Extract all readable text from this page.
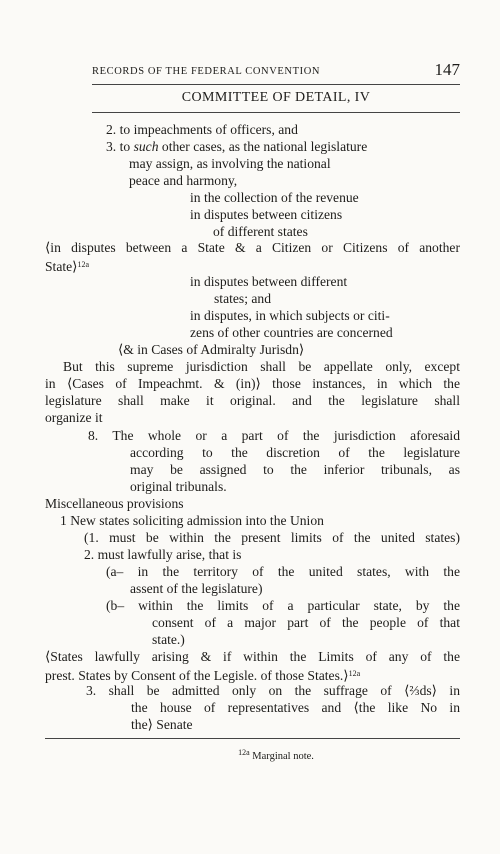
RECORDS OF THE FEDERAL CONVENTION	147
COMMITTEE OF DETAIL, IV
2. to impeachments of officers, and
3. to such other cases, as the national legislature
may assign, as involving the national
peace and harmony,
in the collection of the revenue
in disputes between citizens
of different states
⟨in disputes between a State & a Citizen or Citizens of another
State⟩$^{12a}$
in disputes between different
states; and
in disputes, in which subjects or citi-
zens of other countries are concerned
⟨& in Cases of Admiralty Jurisdn⟩
But this supreme jurisdiction shall be appellate only, except
in ⟨Cases of Impeachmt. & (in)⟩ those instances, in which the
legislature shall make it original. and the legislature shall
organize it
8. The whole or a part of the jurisdiction aforesaid
according to the discretion of the legislature
may be assigned to the inferior tribunals, as
original tribunals.
Miscellaneous provisions
1 New states soliciting admission into the Union
(1. must be within the present limits of the united states)
2. must lawfully arise, that is
(a– in the territory of the united states, with the
assent of the legislature)
(b– within the limits of a particular state, by the
consent of a major part of the people of that
state.)
⟨States lawfully arising & if within the Limits of any of the
prest. States by Consent of the Legisle. of those States.⟩$^{12a}$
3. shall be admitted only on the suffrage of ⟨⅔ds⟩ in
the house of representatives and ⟨the like No in
the⟩ Senate
$^{12a}$ Marginal note.
